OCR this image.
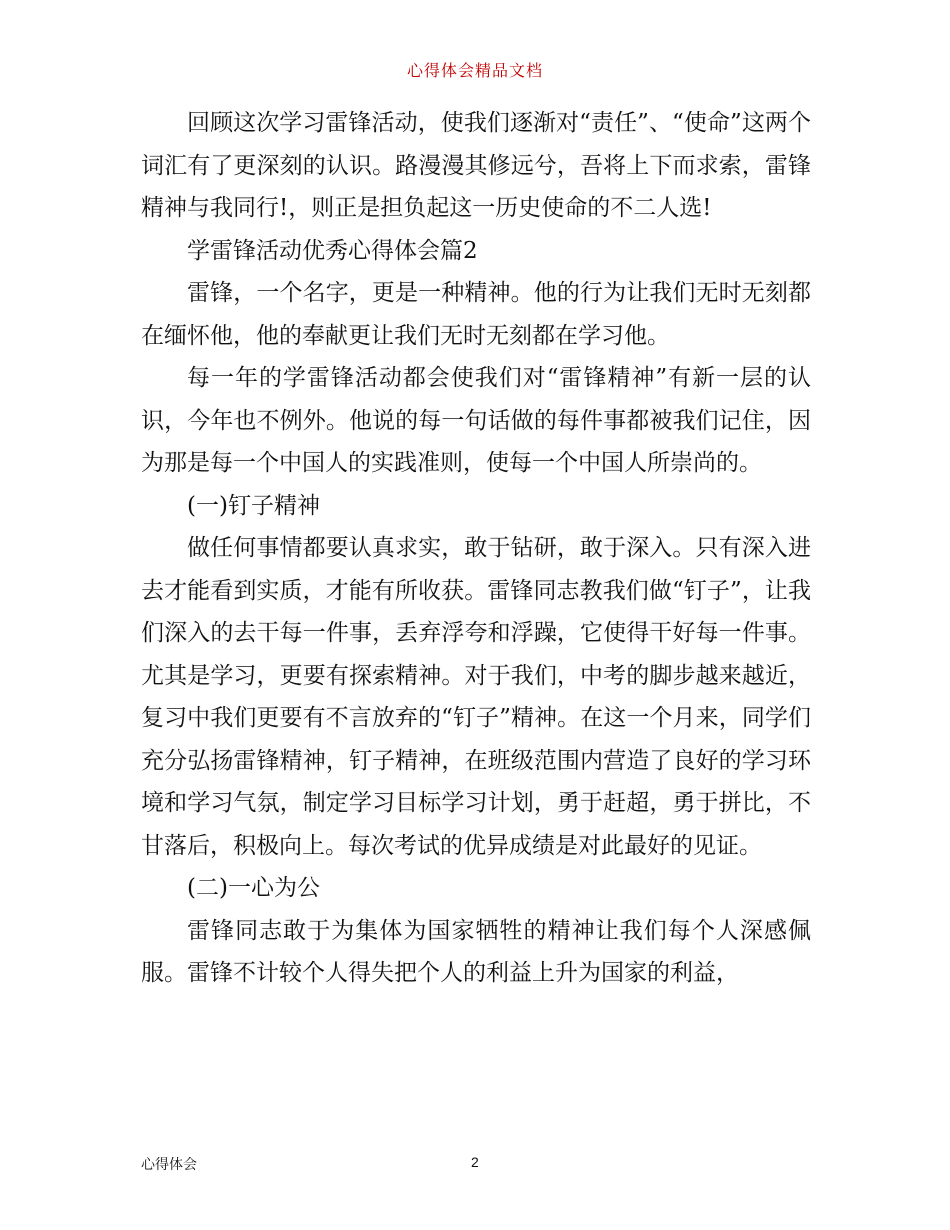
心得体会精品文档

回顾这次学习雷锋活动，使我们逐渐对“责任”、“使命”这两个词汇有了更深刻的认识。路漫漫其修远兮，吾将上下而求索，雷锋精神与我同行!，则正是担负起这一历史使命的不二人选!

学雷锋活动优秀心得体会篇2

雷锋，一个名字，更是一种精神。他的行为让我们无时无刻都在缅怀他，他的奉献更让我们无时无刻都在学习他。

每一年的学雷锋活动都会使我们对“雷锋精神”有新一层的认识，今年也不例外。他说的每一句话做的每件事都被我们记住，因为那是每一个中国人的实践准则，使每一个中国人所崇尚的。

(一)钉子精神

做任何事情都要认真求实，敢于钻研，敢于深入。只有深入进去才能看到实质，才能有所收获。雷锋同志教我们做“钉子”，让我们深入的去干每一件事，丢弃浮夸和浮躁，它使得干好每一件事。尤其是学习，更要有探索精神。对于我们，中考的脚步越来越近，复习中我们更要有不言放弃的“钉子”精神。在这一个月来，同学们充分弘扬雷锋精神，钉子精神，在班级范围内营造了良好的学习环境和学习气氛，制定学习目标学习计划，勇于赶超，勇于拼比，不甘落后，积极向上。每次考试的优异成绩是对此最好的见证。

(二)一心为公

雷锋同志敢于为集体为国家牺牲的精神让我们每个人深感佩服。雷锋不计较个人得失把个人的利益上升为国家的利益，

心得体会	2
